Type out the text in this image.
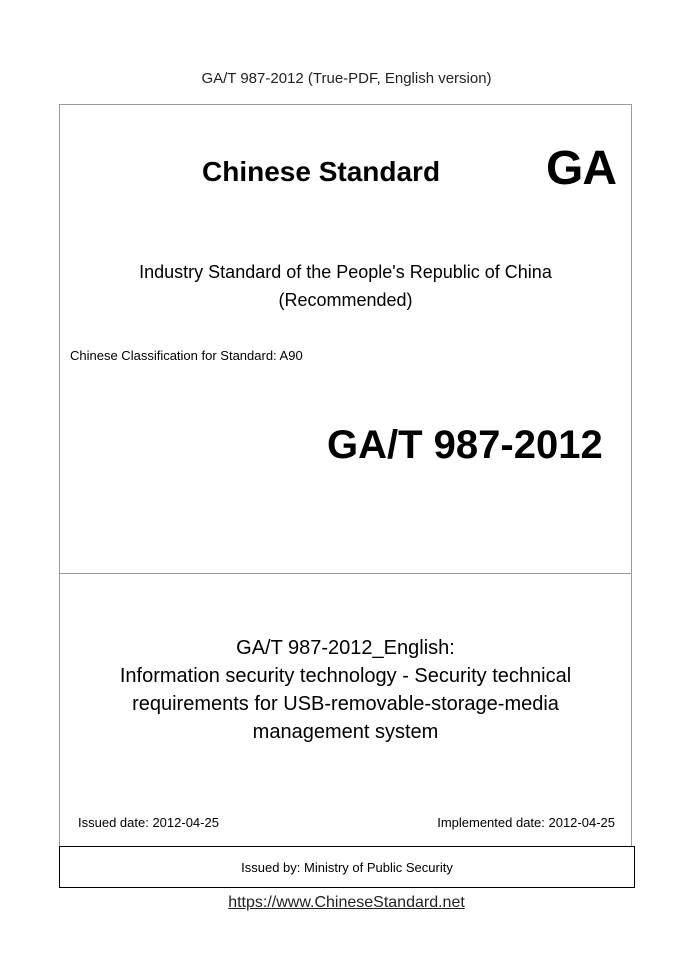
GA/T 987-2012 (True-PDF, English version)
Chinese Standard GA
Industry Standard of the People's Republic of China
(Recommended)
Chinese Classification for Standard: A90
GA/T 987-2012
GA/T 987-2012_English:
Information security technology - Security technical
requirements for USB-removable-storage-media
management system
Issued date: 2012-04-25	Implemented date: 2012-04-25
Issued by: Ministry of Public Security
https://www.ChineseStandard.net
